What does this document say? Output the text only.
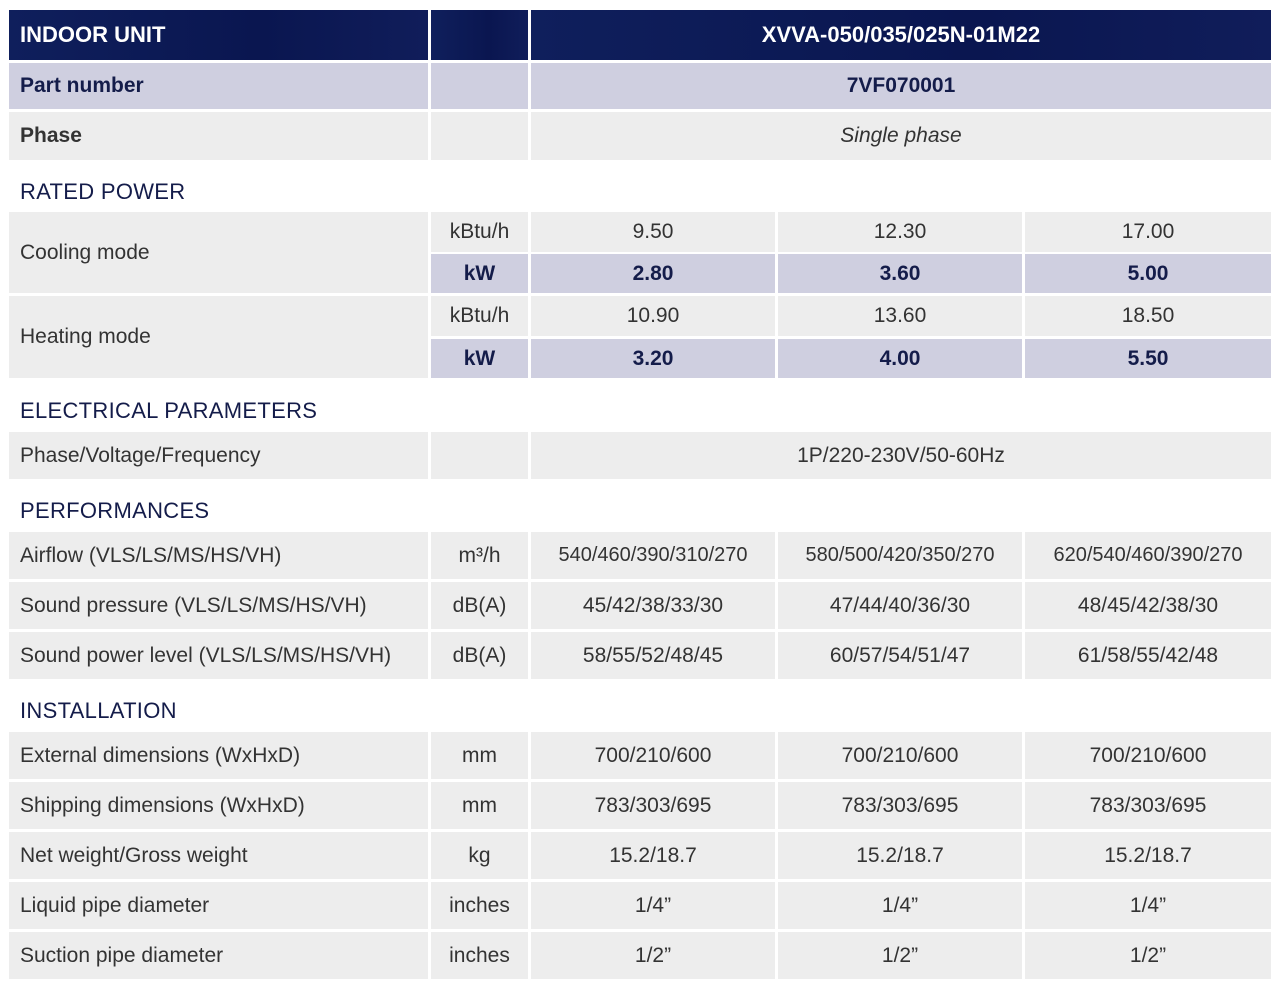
INDOOR UNIT	XVVA-050/035/025N-01M22
Part number	7VF070001
Phase	Single phase
RATED POWER
Cooling mode
kBtu/h	9.50	12.30	17.00
kW	2.80	3.60	5.00
Heating mode
kBtu/h	10.90	13.60	18.50
kW	3.20	4.00	5.50
ELECTRICAL PARAMETERS
Phase/Voltage/Frequency	1P/220-230V/50-60Hz
PERFORMANCES
Airflow (VLS/LS/MS/HS/VH)	m³/h	540/460/390/310/270	580/500/420/350/270	620/540/460/390/270
Sound pressure (VLS/LS/MS/HS/VH)	dB(A)	45/42/38/33/30	47/44/40/36/30	48/45/42/38/30
Sound power level (VLS/LS/MS/HS/VH)	dB(A)	58/55/52/48/45	60/57/54/51/47	61/58/55/42/48
INSTALLATION
External dimensions (WxHxD)	mm	700/210/600	700/210/600	700/210/600
Shipping dimensions (WxHxD)	mm	783/303/695	783/303/695	783/303/695
Net weight/Gross weight	kg	15.2/18.7	15.2/18.7	15.2/18.7
Liquid pipe diameter	inches	1/4”	1/4”	1/4”
Suction pipe diameter	inches	1/2”	1/2”	1/2”
